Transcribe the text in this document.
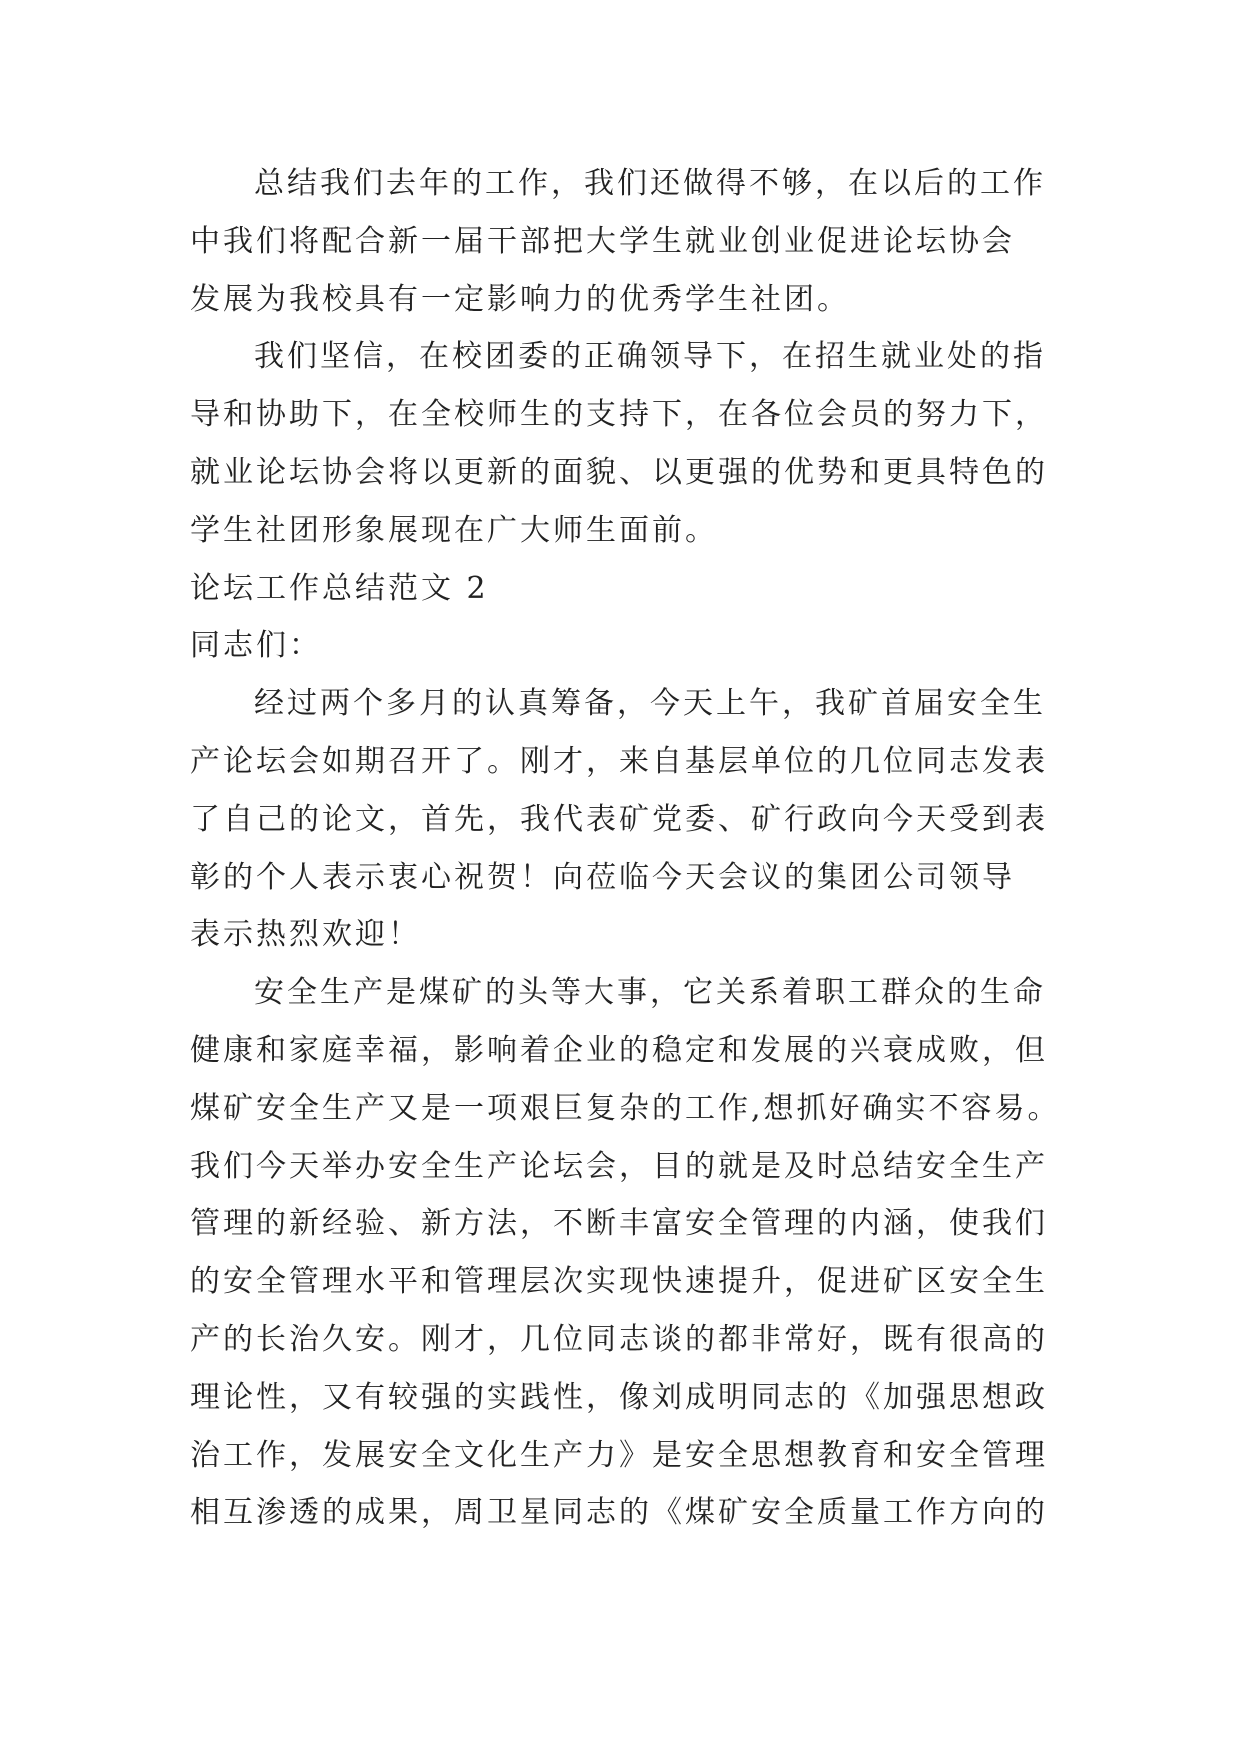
总结我们去年的工作，我们还做得不够，在以后的工作
中我们将配合新一届干部把大学生就业创业促进论坛协会
发展为我校具有一定影响力的优秀学生社团。
我们坚信，在校团委的正确领导下，在招生就业处的指
导和协助下，在全校师生的支持下，在各位会员的努力下，
就业论坛协会将以更新的面貌、以更强的优势和更具特色的
学生社团形象展现在广大师生面前。
论坛工作总结范文 2
同志们：
经过两个多月的认真筹备，今天上午，我矿首届安全生
产论坛会如期召开了。刚才，来自基层单位的几位同志发表
了自己的论文，首先，我代表矿党委、矿行政向今天受到表
彰的个人表示衷心祝贺！向莅临今天会议的集团公司领导
表示热烈欢迎！
安全生产是煤矿的头等大事，它关系着职工群众的生命
健康和家庭幸福，影响着企业的稳定和发展的兴衰成败，但
煤矿安全生产又是一项艰巨复杂的工作,想抓好确实不容易。
我们今天举办安全生产论坛会，目的就是及时总结安全生产
管理的新经验、新方法，不断丰富安全管理的内涵，使我们
的安全管理水平和管理层次实现快速提升，促进矿区安全生
产的长治久安。刚才，几位同志谈的都非常好，既有很高的
理论性，又有较强的实践性，像刘成明同志的《加强思想政
治工作，发展安全文化生产力》是安全思想教育和安全管理
相互渗透的成果，周卫星同志的《煤矿安全质量工作方向的
